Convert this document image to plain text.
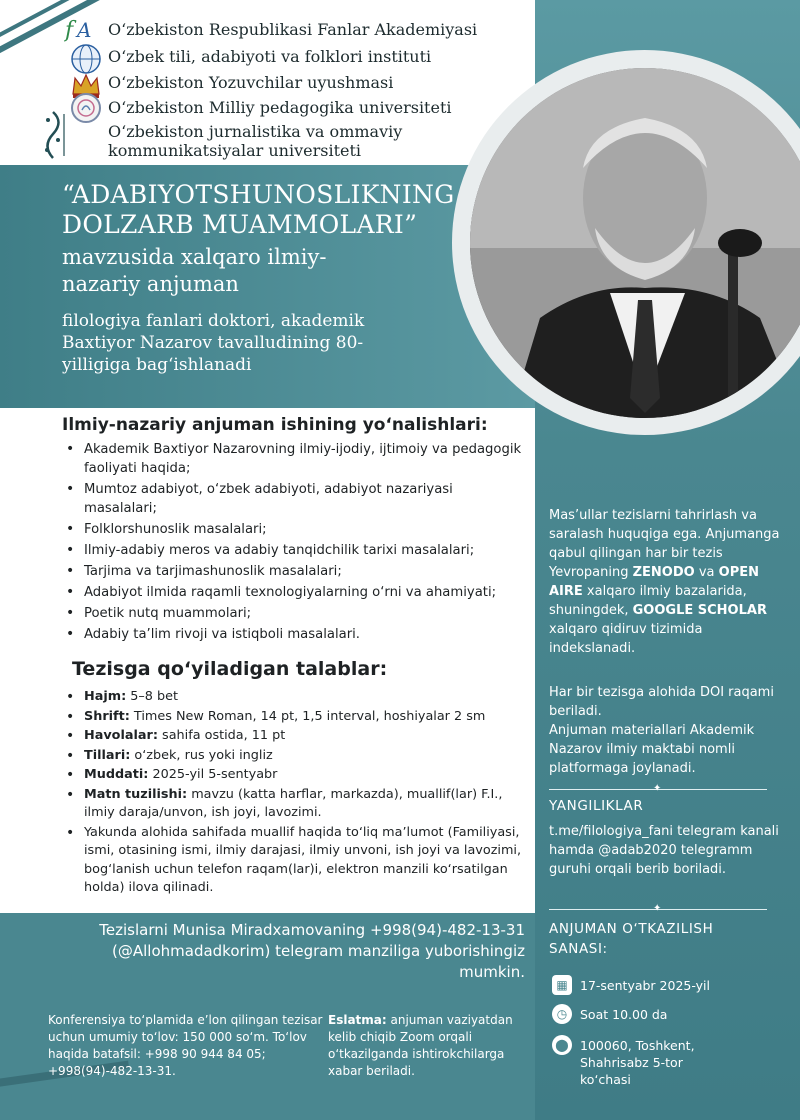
f A O‘zbekiston Respublikasi Fanlar Akademiyasi
O‘zbek tili, adabiyoti va folklori instituti
O‘zbekiston Yozuvchilar uyushmasi
O‘zbekiston Milliy pedagogika universiteti
O‘zbekiston jurnalistika va ommaviy kommunikatsiyalar universiteti
“ADABIYOTSHUNOSLIKNING DOLZARB MUAMMOLARI”
mavzusida xalqaro ilmiy-nazariy anjuman
filologiya fanlari doktori, akademik Baxtiyor Nazarov tavalludining 80-yilligiga bag‘ishlanadi
Ilmiy-nazariy anjuman ishining yo‘nalishlari:
• Akademik Baxtiyor Nazarovning ilmiy-ijodiy, ijtimoiy va pedagogik faoliyati haqida;
• Mumtoz adabiyot, o‘zbek adabiyoti, adabiyot nazariyasi masalalari;
• Folklorshunoslik masalalari;
• Ilmiy-adabiy meros va adabiy tanqidchilik tarixi masalalari;
• Tarjima va tarjimashunoslik masalalari;
• Adabiyot ilmida raqamli texnologiyalarning o‘rni va ahamiyati;
• Poetik nutq muammolari;
• Adabiy ta’lim rivoji va istiqboli masalalari.
Tezisga qo‘yiladigan talablar:
• Hajm: 5–8 bet
• Shrift: Times New Roman, 14 pt, 1,5 interval, hoshiyalar 2 sm
• Havolalar: sahifa ostida, 11 pt
• Tillari: o‘zbek, rus yoki ingliz
• Muddati: 2025-yil 5-sentyabr
• Matn tuzilishi: mavzu (katta harflar, markazda), muallif(lar) F.I., ilmiy daraja/unvon, ish joyi, lavozimi.
• Yakunda alohida sahifada muallif haqida to‘liq ma’lumot (Familiyasi, ismi, otasining ismi, ilmiy darajasi, ilmiy unvoni, ish joyi va lavozimi, bog‘lanish uchun telefon raqam(lar)i, elektron manzili ko‘rsatilgan holda) ilova qilinadi.
Tezislarni Munisa Miradxamovaning +998(94)-482-13-31 (@Allohmadadkorim) telegram manziliga yuborishingiz mumkin.
Konferensiya to‘plamida e’lon qilingan tezisar uchun umumiy to‘lov: 150 000 so‘m. To‘lov haqida batafsil: +998 90 944 84 05; +998(94)-482-13-31.
Eslatma: anjuman vaziyatdan kelib chiqib Zoom orqali o‘tkazilganda ishtirokchilarga xabar beriladi.
Mas’ullar tezislarni tahrirlash va saralash huquqiga ega. Anjumanga qabul qilingan har bir tezis Yevropaning ZENODO va OPEN AIRE xalqaro ilmiy bazalarida, shuningdek, GOOGLE SCHOLAR xalqaro qidiruv tizimida indekslanadi.
Har bir tezisga alohida DOI raqami beriladi.
Anjuman materiallari Akademik Nazarov ilmiy maktabi nomli platformaga joylanadi.
✦
YANGILIKLAR
t.me/filologiya_fani telegram kanali hamda @adab2020 telegramm guruhi orqali berib boriladi.
✦
ANJUMAN O‘TKAZILISH SANASI:
▦ 17-sentyabr 2025-yil
◷	Soat 10.00 da
⬤ 100060, Toshkent, Shahrisabz 5-tor ko‘chasi
